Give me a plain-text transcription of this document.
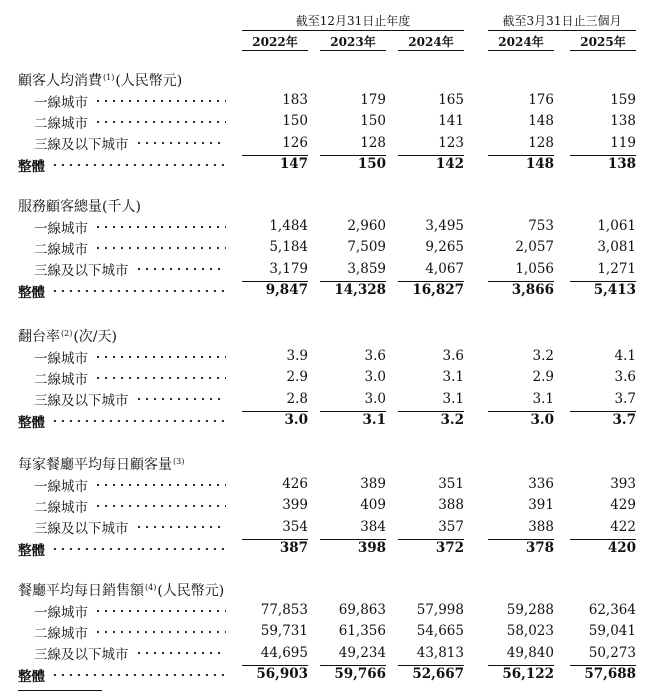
截至12月31日止年度	截至3月31日止三個月
2022年	2023年	2024年	2024年	2025年
顧客人均消費$^{(1)}$(人民幣元)
一線城市	183	179	165	176	159
二線城市	150	150	141	148	138
三線及以下城市	126	128	123	128	119
整體	147	150	142	148	138
服務顧客總量(千人)
一線城市	1,484	2,960	3,495	753	1,061
二線城市	5,184	7,509	9,265	2,057	3,081
三線及以下城市	3,179	3,859	4,067	1,056	1,271
整體	9,847	14,328	16,827	3,866	5,413
翻台率$^{(2)}$(次/天)
一線城市	3.9	3.6	3.6	3.2	4.1
二線城市	2.9	3.0	3.1	2.9	3.6
三線及以下城市	2.8	3.0	3.1	3.1	3.7
整體	3.0	3.1	3.2	3.0	3.7
每家餐廳平均每日顧客量$^{(3)}$
一線城市	426	389	351	336	393
二線城市	399	409	388	391	429
三線及以下城市	354	384	357	388	422
整體	387	398	372	378	420
餐廳平均每日銷售額$^{(4)}$(人民幣元)
一線城市	77,853	69,863	57,998	59,288	62,364
二線城市	59,731	61,356	54,665	58,023	59,041
三線及以下城市	44,695	49,234	43,813	49,840	50,273
整體	56,903	59,766	52,667	56,122	57,688
